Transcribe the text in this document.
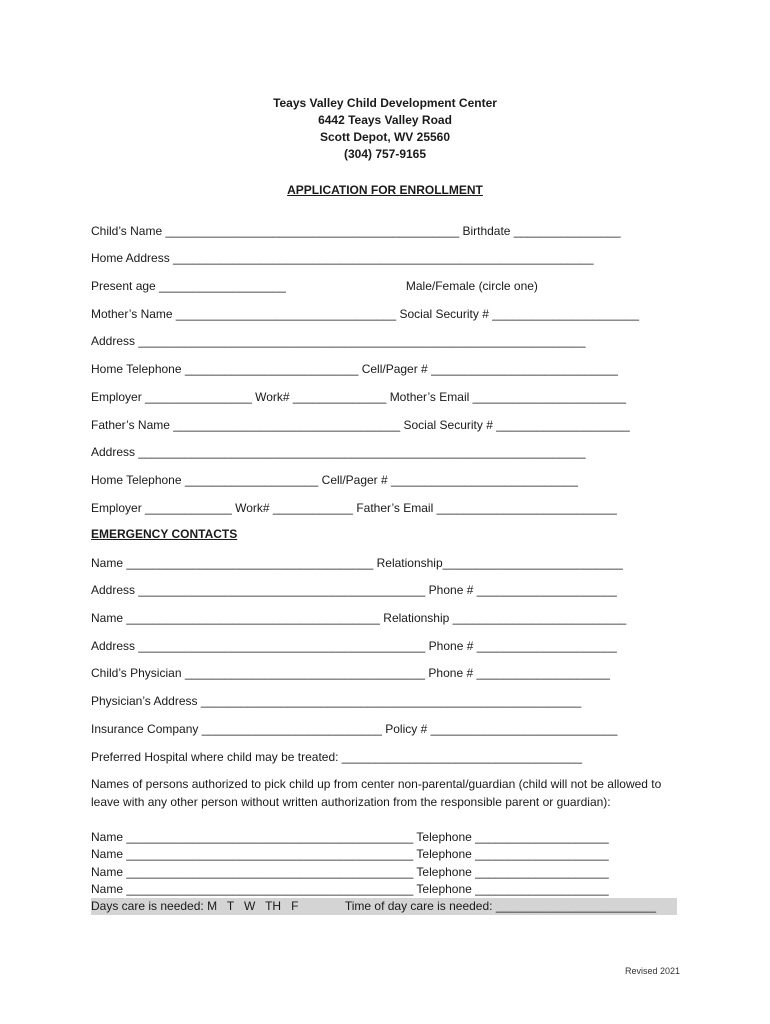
Teays Valley Child Development Center
6442 Teays Valley Road
Scott Depot, WV 25560
(304) 757-9165
APPLICATION FOR ENROLLMENT
Child’s Name ____________________________________________ Birthdate ________________
Home Address _______________________________________________________________
Present age ___________________                                    Male/Female (circle one)
Mother’s Name _________________________________ Social Security # ______________________
Address ___________________________________________________________________
Home Telephone __________________________ Cell/Pager # ____________________________
Employer ________________ Work# ______________ Mother’s Email _______________________
Father’s Name __________________________________ Social Security # ____________________
Address ___________________________________________________________________
Home Telephone ____________________ Cell/Pager # ____________________________
Employer _____________ Work# ____________ Father’s Email ___________________________
EMERGENCY CONTACTS
Name _____________________________________ Relationship___________________________
Address ___________________________________________ Phone # _____________________
Name ______________________________________ Relationship __________________________
Address ___________________________________________ Phone # _____________________
Child’s Physician ____________________________________ Phone # ____________________
Physician’s Address _________________________________________________________
Insurance Company ___________________________ Policy # ____________________________
Preferred Hospital where child may be treated: ____________________________________
Names of persons authorized to pick child up from center non-parental/guardian (child will not be allowed to leave with any other person without written authorization from the responsible parent or guardian):
Name ___________________________________________ Telephone ____________________
Name ___________________________________________ Telephone ____________________
Name ___________________________________________ Telephone ____________________
Name ___________________________________________ Telephone ____________________
Days care is needed: M   T   W   TH   F              Time of day care is needed: ________________________
Revised 2021
